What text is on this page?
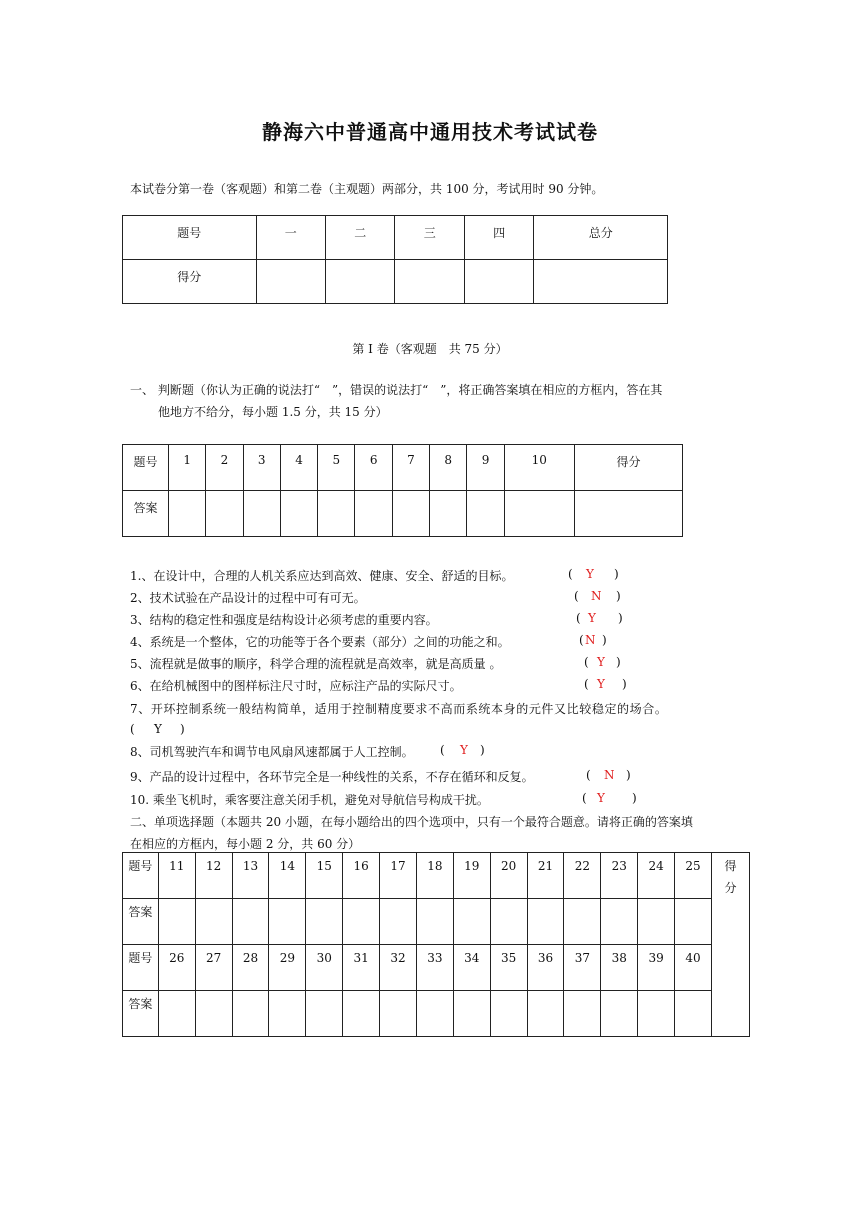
静海六中普通高中通用技术考试试卷
本试卷分第一卷（客观题）和第二卷（主观题）两部分，共 100 分，考试用时 90 分钟。
题号	一	二	三	四	总分
得分					
第 I 卷（客观题　共 75 分）
一、 判断题（你认为正确的说法打“　”，错误的说法打“　”，将正确答案填在相应的方框内，答在其
他地方不给分，每小题 1.5 分，共 15 分）
题号	1	2	3	4	5	6	7	8	9	10	得分
答案											
1.、在设计中，合理的人机关系应达到高效、健康、安全、舒适的目标。	( Y )
2、技术试验在产品设计的过程中可有可无。	( N )
3、结构的稳定性和强度是结构设计必须考虑的重要内容。	( Y )
4、系统是一个整体，它的功能等于各个要素（部分）之间的功能之和。	( N )
5、流程就是做事的顺序，科学合理的流程就是高效率，就是高质量 。	( Y )
6、在给机械图中的图样标注尺寸时，应标注产品的实际尺寸。	( Y )
7、开环控制系统一般结构简单，适用于控制精度要求不高而系统本身的元件又比较稳定的场合。
( Y )
8、司机驾驶汽车和调节电风扇风速都属于人工控制。 ( Y )
9、产品的设计过程中，各环节完全是一种线性的关系，不存在循环和反复。	( N )
10. 乘坐飞机时，乘客要注意关闭手机，避免对导航信号构成干扰。	( Y )
二、单项选择题（本题共 20 小题，在每小题给出的四个选项中，只有一个最符合题意。请将正确的答案填
在相应的方框内，每小题 2 分，共 60 分）
题号	11	12	13	14	15	16	17	18	19	20	21	22	23	24	25	得分
答案																
题号	26	27	28	29	30	31	32	33	34	35	36	37	38	39	40	
答案																
